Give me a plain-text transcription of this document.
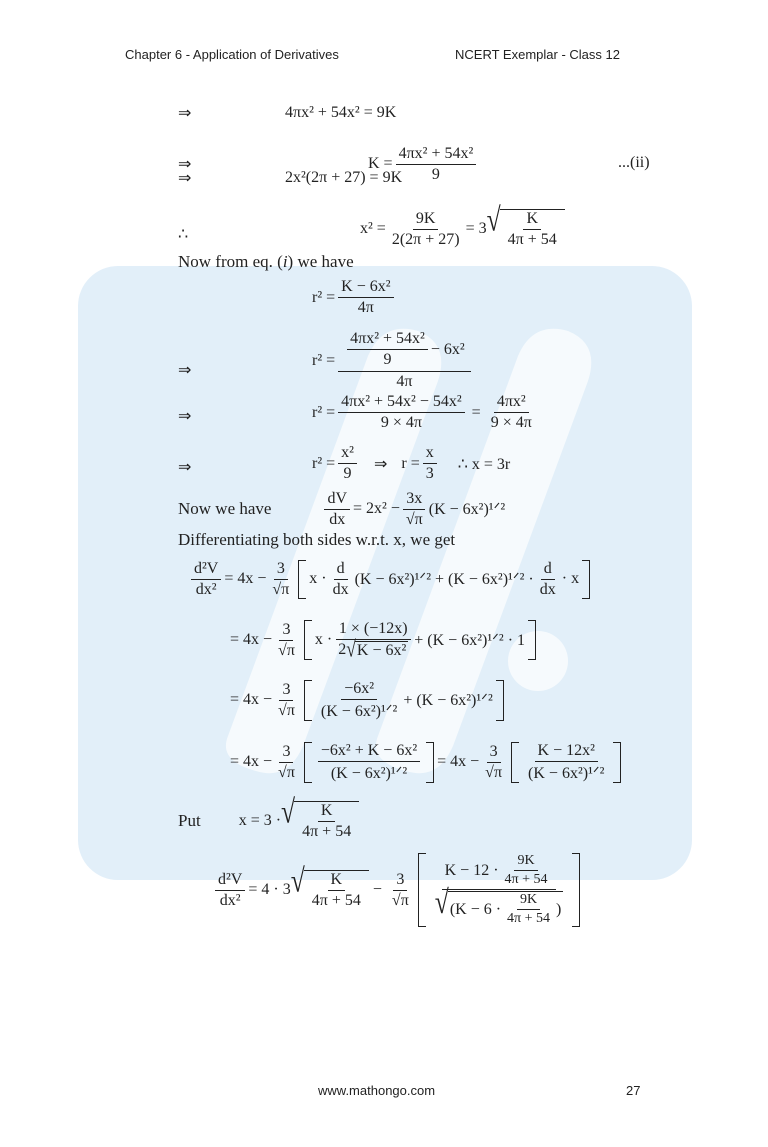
Chapter 6 - Application of Derivatives	NCERT Exemplar - Class 12
⇒	4πx² + 54x² = 9K
⇒	$K = \frac{\text{4πx² + 54x²}}{9}$	...(ii)
⇒	2x²(2π + 27) = 9K
∴	$x^2 = \frac{9K}{2(2\pi + 27)} = 3$ √ $\frac{K}{4\pi + 54}$
Now from eq. ( i ) we have
$r^2 = \frac{\text{K − 6x²}}{4\pi}$
⇒
$r^2 = \frac{\frac{\text{4πx² + 54x²}}{9} - 6x^2}{4\pi}$
⇒	$r^2 = \frac{\text{4πx² + 54x² − 54x²}}{9 \times 4\pi} = \frac{\text{4πx²}}{9 \times 4\pi}$
⇒	$r^2 = \frac{\text{x²}}{9}$ ⇒ $r = \frac{x}{3}$ ∴ x = 3r
Now we have	$\frac{dV}{dx} = 2x^2 - \frac{3x}{√\pi} (K$ − 6x²)¹ᐟ²
Differentiating both sides w.r.t. x, we get
$\frac{\text{d²V}}{\text{dx²}} = 4x - \frac{3}{√\pi}$ $x \cdot \frac{d}{dx} (K$ − 6x²)¹ᐟ² + (K − 6x²)¹ᐟ² · $\frac{d}{dx} \cdot x$
= $4x - \frac{3}{√\pi}$ x ·
1 × (−12x)
2 √ K − 6x²
+ (K − 6x²)¹ᐟ² · 1
= $4x - \frac{3}{√\pi}$	−6x²
(K − 6x²)¹ᐟ²
+ (K − 6x²)¹ᐟ²
= $4x - \frac{3}{√\pi} -6x^2 + K - 6x^2$
(K − 6x²)¹ᐟ²
= $4x - \frac{3}{√\pi}$ K − 12x²
(K − 6x²)¹ᐟ²
Put x = 3 · √ $\frac{K}{4\pi + 54}$
$\frac{\text{d²V}}{\text{dx²}} = 4 \cdot 3$ √ $\frac{K}{4\pi + 54} - \frac{3}{√\pi}$
$K - 12 \cdot \frac{9K}{4\pi + 54}$
√ ($K - 6 \cdot \frac{9K}{4\pi + 54}$ )
www.mathongo.com	27
